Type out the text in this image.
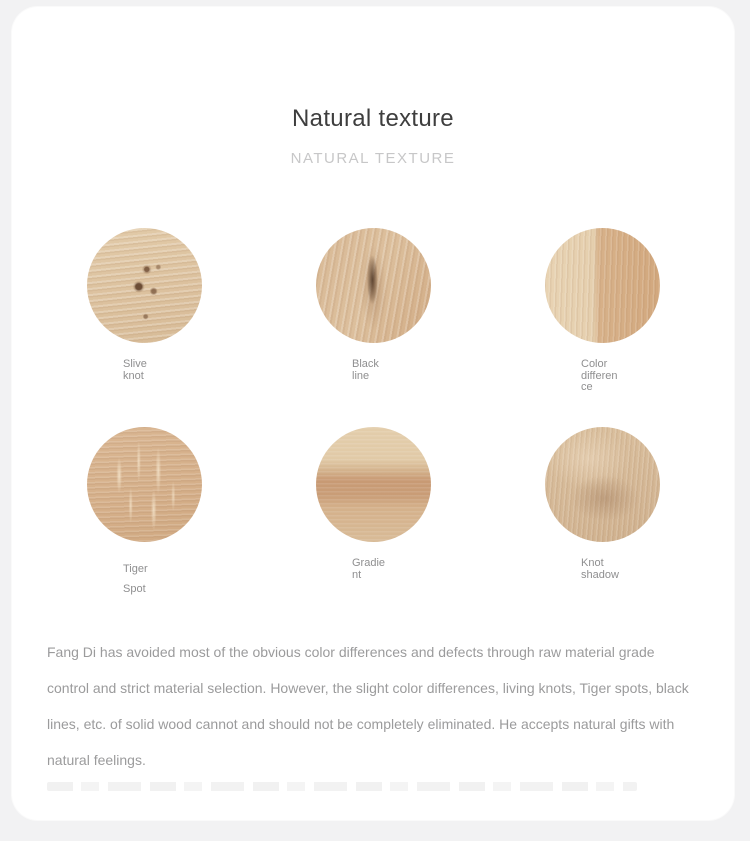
Natural texture
NATURAL TEXTURE
Slive knot
Black line
Color difference
Tiger Spot
Gradient
Knot shadow
Fang Di has avoided most of the obvious color differences and defects through raw material grade control and strict material selection. However, the slight color differences, living knots, Tiger spots, black lines, etc. of solid wood cannot and should not be completely eliminated. He accepts natural gifts with natural feelings.
